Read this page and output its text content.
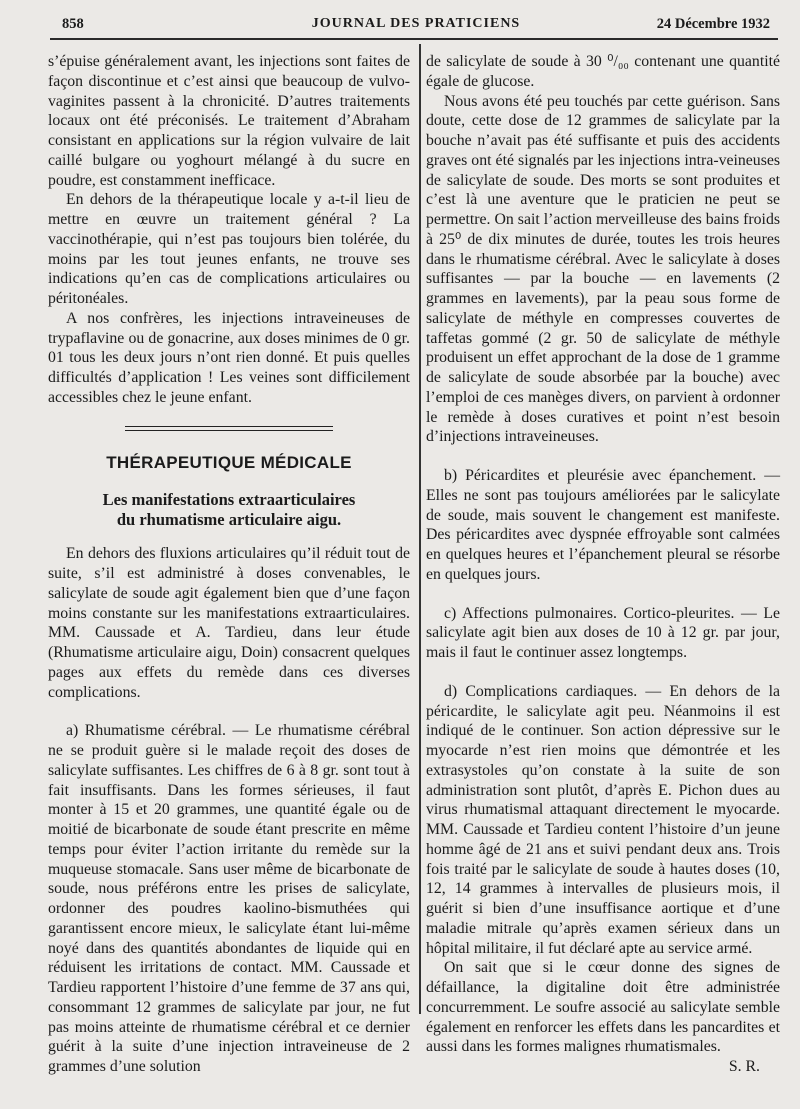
858	JOURNAL DES PRATICIENS	24 Décembre 1932

s’épuise généralement avant, les injections sont faites de façon discontinue et c’est ainsi que beaucoup de vulvo-vaginites passent à la chronicité. D’autres traitements locaux ont été préconisés. Le traitement d’Abraham consistant en applications sur la région vulvaire de lait caillé bulgare ou yoghourt mélangé à du sucre en poudre, est constamment inefficace.

En dehors de la thérapeutique locale y a-t-il lieu de mettre en œuvre un traitement général ? La vaccinothérapie, qui n’est pas toujours bien tolérée, du moins par les tout jeunes enfants, ne trouve ses indications qu’en cas de complications articulaires ou péritonéales.

A nos confrères, les injections intraveineuses de trypaflavine ou de gonacrine, aux doses minimes de 0 gr. 01 tous les deux jours n’ont rien donné. Et puis quelles difficultés d’application ! Les veines sont difficilement accessibles chez le jeune enfant.

THÉRAPEUTIQUE MÉDICALE
Les manifestations extraarticulaires
du rhumatisme articulaire aigu.

En dehors des fluxions articulaires qu’il réduit tout de suite, s’il est administré à doses convenables, le salicylate de soude agit également bien que d’une façon moins constante sur les manifestations extraarticulaires. MM. Caussade et A. Tardieu, dans leur étude (Rhumatisme articulaire aigu, Doin) consacrent quelques pages aux effets du remède dans ces diverses complications.

a) Rhumatisme cérébral. — Le rhumatisme cérébral ne se produit guère si le malade reçoit des doses de salicylate suffisantes. Les chiffres de 6 à 8 gr. sont tout à fait insuffisants. Dans les formes sérieuses, il faut monter à 15 et 20 grammes, une quantité égale ou de moitié de bicarbonate de soude étant prescrite en même temps pour éviter l’action irritante du remède sur la muqueuse stomacale. Sans user même de bicarbonate de soude, nous préférons entre les prises de salicylate, ordonner des poudres kaolino-bismuthées qui garantissent encore mieux, le salicylate étant lui-même noyé dans des quantités abondantes de liquide qui en réduisent les irritations de contact. MM. Caussade et Tardieu rapportent l’histoire d’une femme de 37 ans qui, consommant 12 grammes de salicylate par jour, ne fut pas moins atteinte de rhumatisme cérébral et ce dernier guérit à la suite d’une injection intraveineuse de 2 grammes d’une solution

de salicylate de soude à 30 ⁰/₀₀ contenant une quantité égale de glucose.

Nous avons été peu touchés par cette guérison. Sans doute, cette dose de 12 grammes de salicylate par la bouche n’avait pas été suffisante et puis des accidents graves ont été signalés par les injections intra-veineuses de salicylate de soude. Des morts se sont produites et c’est là une aventure que le praticien ne peut se permettre. On sait l’action merveilleuse des bains froids à 25⁰ de dix minutes de durée, toutes les trois heures dans le rhumatisme cérébral. Avec le salicylate à doses suffisantes — par la bouche — en lavements (2 grammes en lavements), par la peau sous forme de salicylate de méthyle en compresses couvertes de taffetas gommé (2 gr. 50 de salicylate de méthyle produisent un effet approchant de la dose de 1 gramme de salicylate de soude absorbée par la bouche) avec l’emploi de ces manèges divers, on parvient à ordonner le remède à doses curatives et point n’est besoin d’injections intraveineuses.

b) Péricardites et pleurésie avec épanchement. — Elles ne sont pas toujours améliorées par le salicylate de soude, mais souvent le changement est manifeste. Des péricardites avec dyspnée effroyable sont calmées en quelques heures et l’épanchement pleural se résorbe en quelques jours.

c) Affections pulmonaires. Cortico-pleurites. — Le salicylate agit bien aux doses de 10 à 12 gr. par jour, mais il faut le continuer assez longtemps.

d) Complications cardiaques. — En dehors de la péricardite, le salicylate agit peu. Néanmoins il est indiqué de le continuer. Son action dépressive sur le myocarde n’est rien moins que démontrée et les extrasystoles qu’on constate à la suite de son administration sont plutôt, d’après E. Pichon dues au virus rhumatismal attaquant directement le myocarde. MM. Caussade et Tardieu content l’histoire d’un jeune homme âgé de 21 ans et suivi pendant deux ans. Trois fois traité par le salicylate de soude à hautes doses (10, 12, 14 grammes à intervalles de plusieurs mois, il guérit si bien d’une insuffisance aortique et d’une maladie mitrale qu’après examen sérieux dans un hôpital militaire, il fut déclaré apte au service armé.

On sait que si le cœur donne des signes de défaillance, la digitaline doit être administrée concurremment. Le soufre associé au salicylate semble également en renforcer les effets dans les pancardites et aussi dans les formes malignes rhumatismales.

S. R.
